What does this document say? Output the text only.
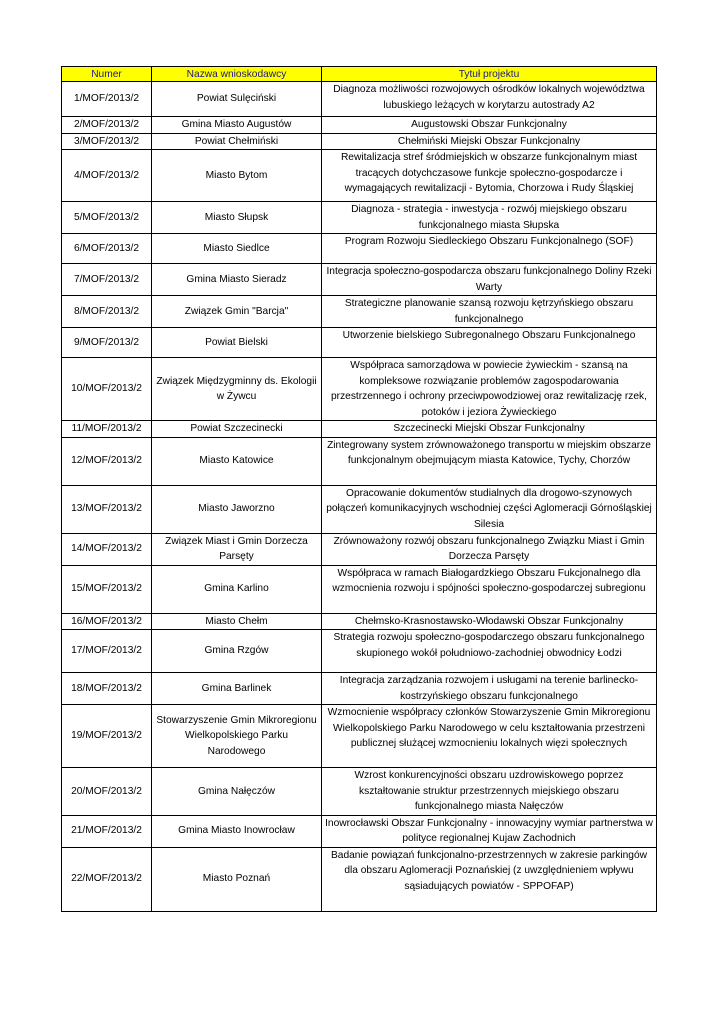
Numer	Nazwa wnioskodawcy	Tytuł projektu
1/MOF/2013/2	Powiat Sulęciński	Diagnoza możliwości rozwojowych ośrodków lokalnych województwa lubuskiego leżących w korytarzu autostrady A2
2/MOF/2013/2	Gmina Miasto Augustów	Augustowski Obszar Funkcjonalny
3/MOF/2013/2	Powiat Chełmiński	Chełmiński Miejski Obszar Funkcjonalny
4/MOF/2013/2	Miasto Bytom	Rewitalizacja stref śródmiejskich w obszarze funkcjonalnym miast tracących dotychczasowe funkcje społeczno-gospodarcze i wymagających rewitalizacji - Bytomia, Chorzowa i Rudy Śląskiej
5/MOF/2013/2	Miasto Słupsk	Diagnoza - strategia - inwestycja - rozwój miejskiego obszaru funkcjonalnego miasta Słupska
6/MOF/2013/2	Miasto Siedlce	Program Rozwoju Siedleckiego Obszaru Funkcjonalnego (SOF)
7/MOF/2013/2	Gmina Miasto Sieradz	Integracja społeczno-gospodarcza obszaru funkcjonalnego Doliny Rzeki Warty
8/MOF/2013/2	Związek Gmin "Barcja"	Strategiczne planowanie szansą rozwoju kętrzyńskiego obszaru funkcjonalnego
9/MOF/2013/2	Powiat Bielski	Utworzenie bielskiego Subregonalnego Obszaru Funkcjonalnego
10/MOF/2013/2	Związek Międzygminny ds. Ekologii w Żywcu	Współpraca samorządowa w powiecie żywieckim - szansą na kompleksowe rozwiązanie problemów zagospodarowania przestrzennego i ochrony przeciwpowodziowej oraz rewitalizację rzek, potoków i jeziora Żywieckiego
11/MOF/2013/2	Powiat Szczecinecki	Szczecinecki Miejski Obszar Funkcjonalny
12/MOF/2013/2	Miasto Katowice	Zintegrowany system zrównoważonego transportu w miejskim obszarze funkcjonalnym obejmującym miasta Katowice, Tychy, Chorzów
13/MOF/2013/2	Miasto Jaworzno	Opracowanie dokumentów studialnych dla drogowo-szynowych połączeń komunikacyjnych wschodniej części Aglomeracji Górnośląskiej Silesia
14/MOF/2013/2	Związek Miast i Gmin Dorzecza Parsęty	Zrównoważony rozwój obszaru funkcjonalnego Związku Miast i Gmin Dorzecza Parsęty
15/MOF/2013/2	Gmina Karlino	Współpraca w ramach Białogardzkiego Obszaru Fukcjonalnego dla wzmocnienia rozwoju i spójności społeczno-gospodarczej subregionu
16/MOF/2013/2	Miasto Chełm	Chełmsko-Krasnostawsko-Włodawski Obszar Funkcjonalny
17/MOF/2013/2	Gmina Rzgów	Strategia rozwoju społeczno-gospodarczego obszaru funkcjonalnego skupionego wokół południowo-zachodniej obwodnicy Łodzi
18/MOF/2013/2	Gmina Barlinek	Integracja zarządzania rozwojem i usługami na terenie barlinecko-kostrzyńskiego obszaru funkcjonalnego
19/MOF/2013/2	Stowarzyszenie Gmin Mikroregionu Wielkopolskiego Parku Narodowego	Wzmocnienie współpracy członków Stowarzyszenie Gmin Mikroregionu Wielkopolskiego Parku Narodowego w celu kształtowania przestrzeni publicznej służącej wzmocnieniu lokalnych więzi społecznych
20/MOF/2013/2	Gmina Nałęczów	Wzrost konkurencyjności obszaru uzdrowiskowego poprzez kształtowanie struktur przestrzennych miejskiego obszaru funkcjonalnego miasta Nałęczów
21/MOF/2013/2	Gmina Miasto Inowrocław	Inowrocławski Obszar Funkcjonalny - innowacyjny wymiar partnerstwa w polityce regionalnej Kujaw Zachodnich
22/MOF/2013/2	Miasto Poznań	Badanie powiązań funkcjonalno-przestrzennych w zakresie parkingów dla obszaru Aglomeracji Poznańskiej (z uwzględnieniem wpływu sąsiadujących powiatów - SPPOFAP)
